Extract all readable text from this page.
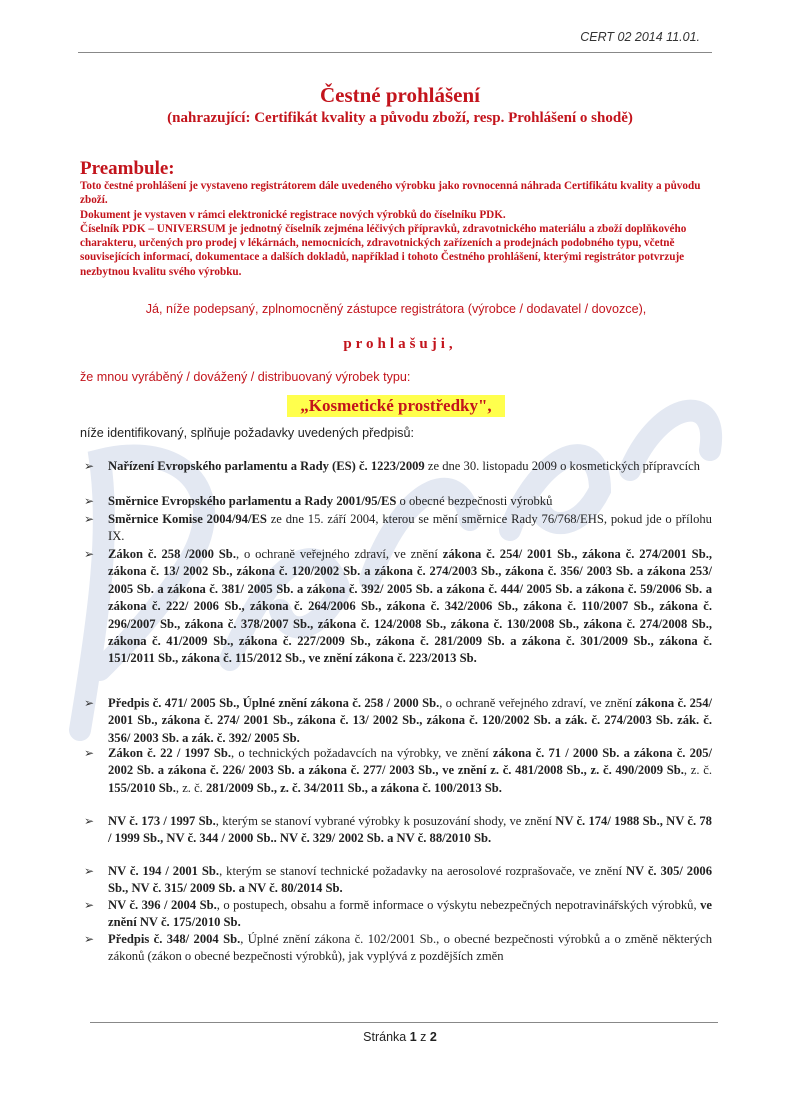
CERT 02 2014 11.01.
Čestné prohlášení
(nahrazující: Certifikát kvality a původu zboží, resp. Prohlášení o shodě)
Preambule:

Toto čestné prohlášení je vystaveno registrátorem dále uvedeného výrobku jako rovnocenná náhrada Certifikátu kvality a původu zboží.

Dokument je vystaven v rámci elektronické registrace nových výrobků do číselníku PDK.

Číselník PDK – UNIVERSUM je jednotný číselník zejména léčivých přípravků, zdravotnického materiálu a zboží doplňkového charakteru, určených pro prodej v lékárnách, nemocnicích, zdravotnických zařízeních a prodejnách podobného typu, včetně souvisejících informací, dokumentace a dalších dokladů, například i tohoto Čestného prohlášení, kterými registrátor potvrzuje nezbytnou kvalitu svého výrobku.

Já, níže podepsaný, zplnomocněný zástupce registrátora (výrobce / dodavatel / dovozce),
prohlašuji,
že mnou vyráběný / dovážený / distribuovaný výrobek typu:
„Kosmetické prostředky",
níže identifikovaný, splňuje požadavky uvedených předpisů:

➢ Nařízení Evropského parlamentu a Rady (ES) č. 1223/2009 ze dne 30. listopadu 2009 o kosmetických přípravcích

➢ Směrnice Evropského parlamentu a Rady 2001/95/ES o obecné bezpečnosti výrobků

➢ Směrnice Komise 2004/94/ES ze dne 15. září 2004, kterou se mění směrnice Rady 76/768/EHS, pokud jde o přílohu IX.

➢ Zákon č. 258 /2000 Sb., o ochraně veřejného zdraví, ve znění zákona č. 254/ 2001 Sb., zákona č. 274/2001 Sb., zákona č. 13/ 2002 Sb., zákona č. 120/2002 Sb. a zákona č. 274/2003 Sb., zákona č. 356/ 2003 Sb. a zákona 253/ 2005 Sb. a zákona č. 381/ 2005 Sb. a zákona č. 392/ 2005 Sb. a zákona č. 444/ 2005 Sb. a zákona č. 59/2006 Sb. a zákona č. 222/ 2006 Sb., zákona č. 264/2006 Sb., zákona č. 342/2006 Sb., zákona č. 110/2007 Sb., zákona č. 296/2007 Sb., zákona č. 378/2007 Sb., zákona č. 124/2008 Sb., zákona č. 130/2008 Sb., zákona č. 274/2008 Sb., zákona č. 41/2009 Sb., zákona č. 227/2009 Sb., zákona č. 281/2009 Sb. a zákona č. 301/2009 Sb., zákona č. 151/2011 Sb., zákona č. 115/2012 Sb., ve znění zákona č. 223/2013 Sb.

➢ Předpis č. 471/ 2005 Sb., Úplné znění zákona č. 258 / 2000 Sb., o ochraně veřejného zdraví, ve znění zákona č. 254/ 2001 Sb., zákona č. 274/ 2001 Sb., zákona č. 13/ 2002 Sb., zákona č. 120/2002 Sb. a zák. č. 274/2003 Sb. zák. č. 356/ 2003 Sb. a zák. č. 392/ 2005 Sb.

➢ Zákon č. 22 / 1997 Sb., o technických požadavcích na výrobky, ve znění zákona č. 71 / 2000 Sb. a zákona č. 205/ 2002 Sb. a zákona č. 226/ 2003 Sb. a zákona č. 277/ 2003 Sb., ve znění z. č. 481/2008 Sb., z. č. 490/2009 Sb., z. č. 155/2010 Sb., z. č. 281/2009 Sb., z. č. 34/2011 Sb., a zákona č. 100/2013 Sb.

➢ NV č. 173 / 1997 Sb., kterým se stanoví vybrané výrobky k posuzování shody, ve znění NV č. 174/ 1988 Sb., NV č. 78 / 1999 Sb., NV č. 344 / 2000 Sb.. NV č. 329/ 2002 Sb. a NV č. 88/2010 Sb.

➢ NV č. 194 / 2001 Sb., kterým se stanoví technické požadavky na aerosolové rozprašovače, ve znění NV č. 305/ 2006 Sb., NV č. 315/ 2009 Sb. a NV č. 80/2014 Sb.

➢ NV č. 396 / 2004 Sb., o postupech, obsahu a formě informace o výskytu nebezpečných nepotravinářských výrobků, ve znění NV č. 175/2010 Sb.

➢ Předpis č. 348/ 2004 Sb., Úplné znění zákona č. 102/2001 Sb., o obecné bezpečnosti výrobků a o změně některých zákonů (zákon o obecné bezpečnosti výrobků), jak vyplývá z pozdějších změn

Stránka 1 z 2
